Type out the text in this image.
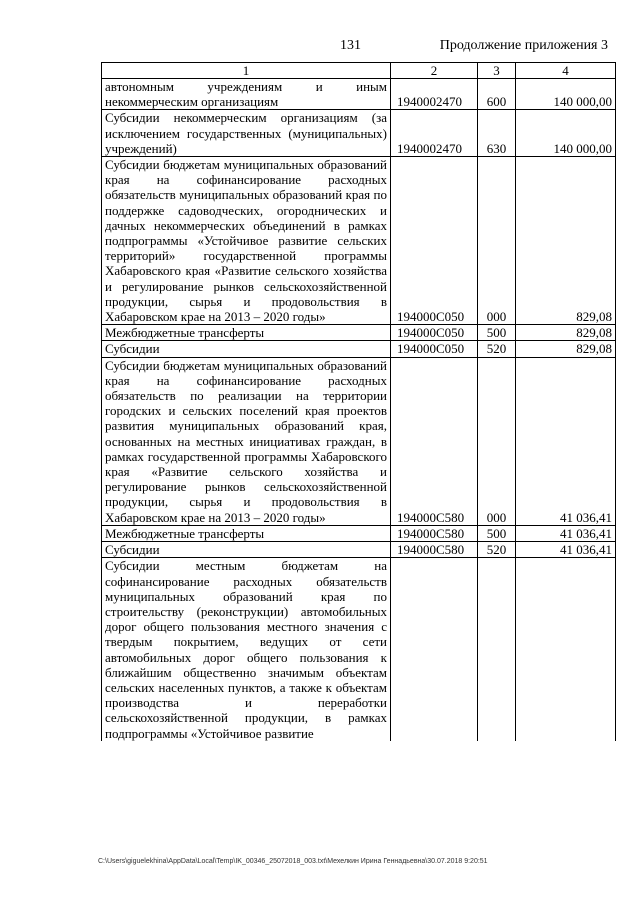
131	Продолжение приложения 3
1	2	3	4
автономным учреждениям и иным некоммерческим организациям	1940002470	600	140 000,00
Субсидии некоммерческим организациям (за исключением государственных (муниципальных) учреждений)	1940002470	630	140 000,00
Субсидии бюджетам муниципальных образований края на софинансирование расходных обязательств муниципальных образований края по поддержке садоводческих, огороднических и дачных некоммерческих объединений в рамках подпрограммы «Устойчивое развитие сельских территорий» государственной программы Хабаровского края «Развитие сельского хозяйства и регулирование рынков сельскохозяйственной продукции, сырья и продовольствия в Хабаровском крае на 2013 – 2020 годы»	194000С050	000	829,08
Межбюджетные трансферты	194000С050	500	829,08
Субсидии	194000С050	520	829,08
Субсидии бюджетам муниципальных образований края на софинансирование расходных обязательств по реализации на территории городских и сельских поселений края проектов развития муниципальных образований края, основанных на местных инициативах граждан, в рамках государственной программы Хабаровского края «Развитие сельского хозяйства и регулирование рынков сельскохозяйственной продукции, сырья и продовольствия в Хабаровском крае на 2013 – 2020 годы»	194000С580	000	41 036,41
Межбюджетные трансферты	194000С580	500	41 036,41
Субсидии	194000С580	520	41 036,41
Субсидии местным бюджетам на софинансирование расходных обязательств муниципальных образований края по строительству (реконструкции) автомобильных дорог общего пользования местного значения с твердым покрытием, ведущих от сети автомобильных дорог общего пользования к ближайшим общественно значимым объектам сельских населенных пунктов, а также к объектам производства и переработки сельскохозяйственной продукции, в рамках подпрограммы «Устойчивое развитие			
C:\Users\giguelekhina\AppData\Local\Temp\IK_00346_25072018_003.txt\Мехелкин Ирина Геннадьевна\30.07.2018 9:20:51
